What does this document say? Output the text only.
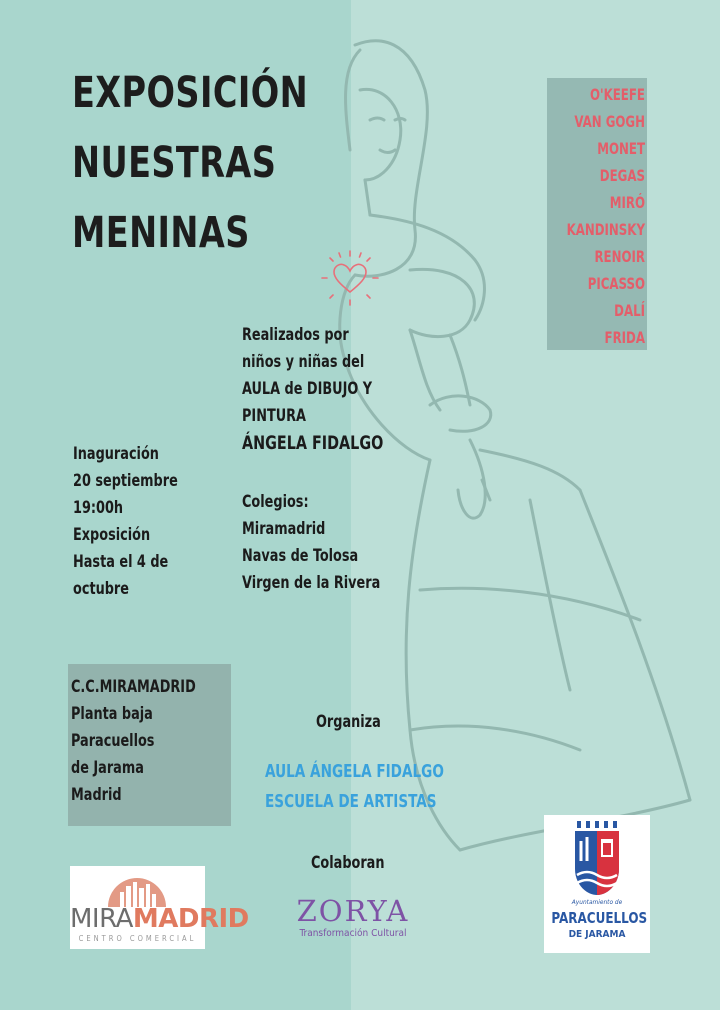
EXPOSICIÓN
NUESTRAS
MENINAS
O'KEEFE
VAN GOGH
MONET
DEGAS
MIRÓ
KANDINSKY
RENOIR
PICASSO
DALÍ
FRIDA
Realizados por
niños y niñas del
AULA de DIBUJO Y
PINTURA
ÁNGELA FIDALGO
Colegios:
Miramadrid
Navas de Tolosa
Virgen de la Rivera
Inaguración
20 septiembre
19:00h
Exposición
Hasta el 4 de
octubre
C.C.MIRAMADRID
Planta baja
Paracuellos
de Jarama
Madrid
Organiza
AULA ÁNGELA FIDALGO
ESCUELA DE ARTISTAS
Colaboran
MIRAMADRID
CENTRO COMERCIAL
ZORYA
Transformación Cultural
Ayuntamiento de
PARACUELLOS
DE JARAMA
